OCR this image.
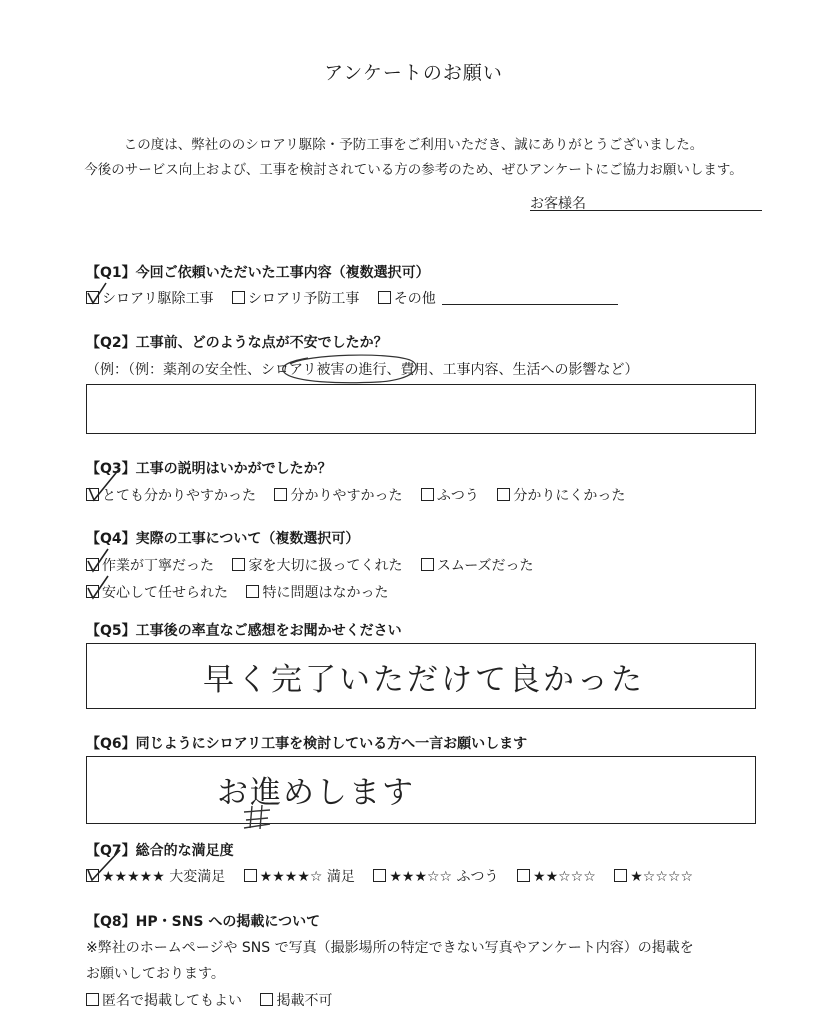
アンケートのお願い
この度は、弊社ののシロアリ駆除・予防工事をご利用いただき、誠にありがとうございました。
今後のサービス向上および、工事を検討されている方の参考のため、ぜひアンケートにご協力お願いします。
お客様名
【Q1】今回ご依頼いただいた工事内容（複数選択可）
シロアリ駆除工事 シロアリ予防工事 その他
【Q2】工事前、どのような点が不安でしたか？
（例：（例：薬剤の安全性、シロアリ被害の進行、費用、工事内容、生活への影響など）
【Q3】工事の説明はいかがでしたか？
とても分かりやすかった 分かりやすかった ふつう 分かりにくかった
【Q4】実際の工事について（複数選択可）
作業が丁寧だった 家を大切に扱ってくれた スムーズだった
安心して任せられた 特に問題はなかった
【Q5】工事後の率直なご感想をお聞かせください
早く完了いただけて良かった
【Q6】同じようにシロアリ工事を検討している方へ一言お願いします
お進めします
【Q7】総合的な満足度
★★★★★ 大変満足 ★★★★☆ 満足 ★★★☆☆ ふつう ★★☆☆☆ ★☆☆☆☆
【Q8】HP・SNS への掲載について
※弊社のホームページや SNS で写真（撮影場所の特定できない写真やアンケート内容）の掲載を
お願いしております。
匿名で掲載してもよい 掲載不可
